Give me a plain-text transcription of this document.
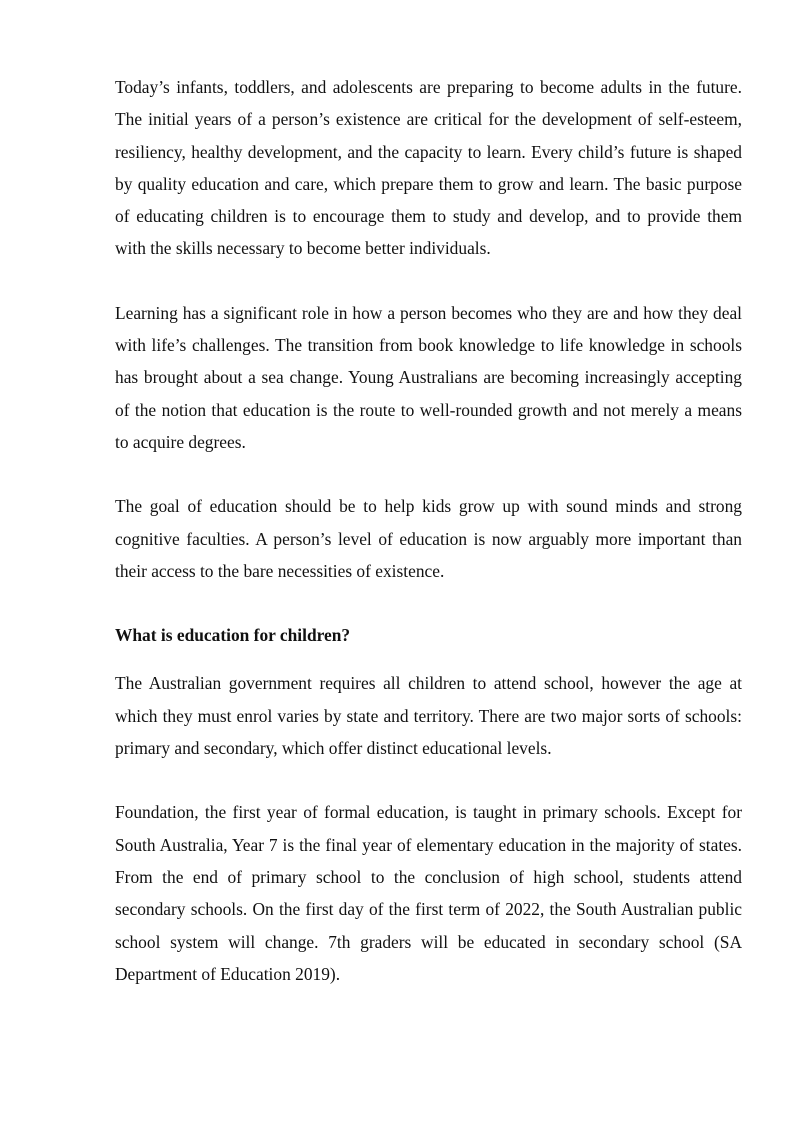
Today’s infants, toddlers, and adolescents are preparing to become adults in the future. The initial years of a person’s existence are critical for the development of self-esteem, resiliency, healthy development, and the capacity to learn. Every child’s future is shaped by quality education and care, which prepare them to grow and learn. The basic purpose of educating children is to encourage them to study and develop, and to provide them with the skills necessary to become better individuals.

Learning has a significant role in how a person becomes who they are and how they deal with life’s challenges. The transition from book knowledge to life knowledge in schools has brought about a sea change. Young Australians are becoming increasingly accepting of the notion that education is the route to well-rounded growth and not merely a means to acquire degrees.

The goal of education should be to help kids grow up with sound minds and strong cognitive faculties. A person’s level of education is now arguably more important than their access to the bare necessities of existence.

What is education for children?

The Australian government requires all children to attend school, however the age at which they must enrol varies by state and territory. There are two major sorts of schools: primary and secondary, which offer distinct educational levels.

Foundation, the first year of formal education, is taught in primary schools. Except for South Australia, Year 7 is the final year of elementary education in the majority of states. From the end of primary school to the conclusion of high school, students attend secondary schools. On the first day of the first term of 2022, the South Australian public school system will change. 7th graders will be educated in secondary school (SA Department of Education 2019).
